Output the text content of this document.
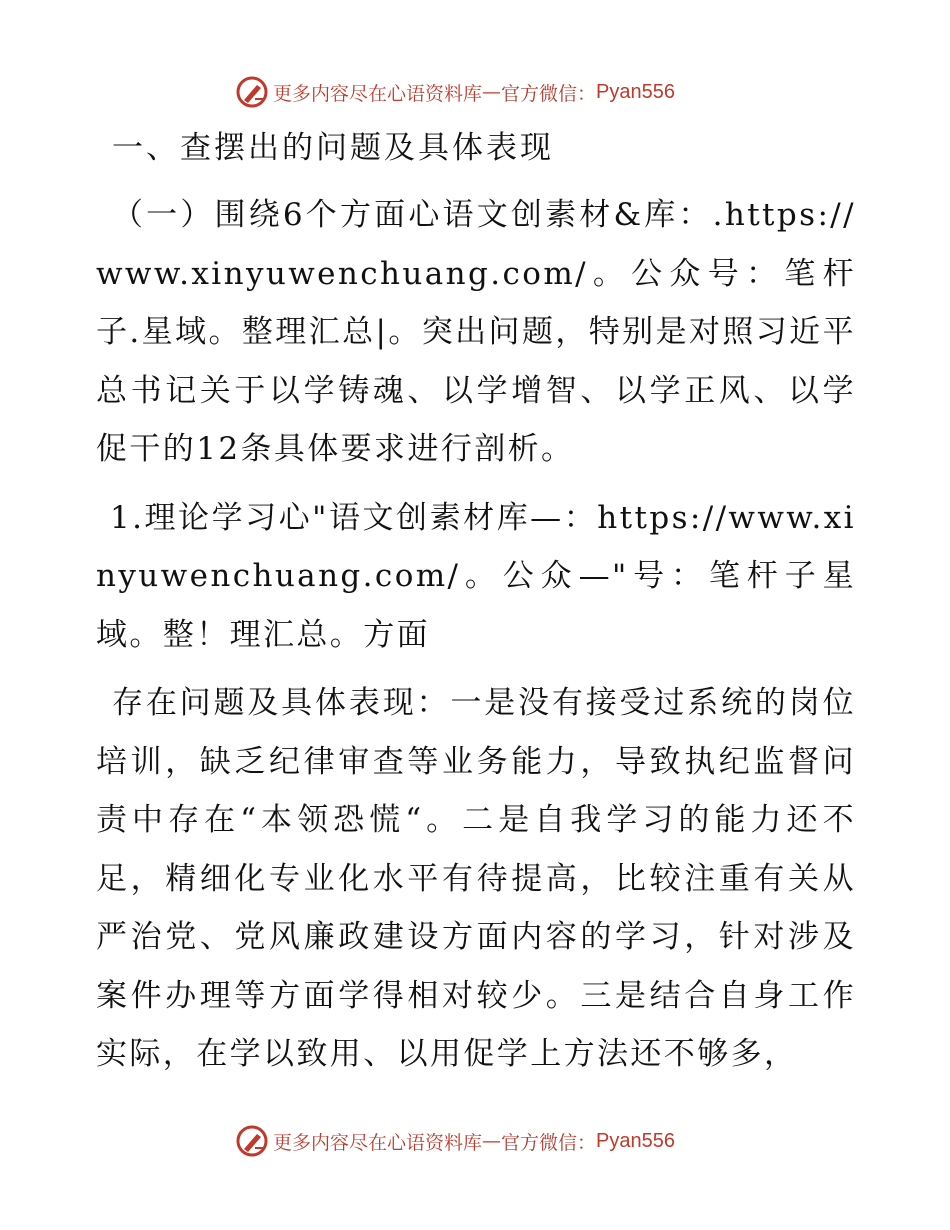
更多内容尽在心语资料库 — 官方微信： Pyan556
一、查摆出的问题及具体表现

（一）围绕6个方面心语文创素材&库：.https://www.xinyuwenchuang.com/。公众号：笔杆子.星域。整理汇总|。突出问题，特别是对照习近平总书记关于以学铸魂、以学增智、以学正风、以学促干的12条具体要求进行剖析。

1.理论学习心"语文创素材库—：https://www.xinyuwenchuang.com/。公众—"号：笔杆子星域。整！理汇总。方面

存在问题及具体表现：一是没有接受过系统的岗位培训，缺乏纪律审查等业务能力，导致执纪监督问责中存在“本领恐慌“。二是自我学习的能力还不足，精细化专业化水平有待提高，比较注重有关从严治党、党风廉政建设方面内容的学习，针对涉及案件办理等方面学得相对较少。三是结合自身工作实际，在学以致用、以用促学上方法还不够多，

更多内容尽在心语资料库 — 官方微信： Pyan556
